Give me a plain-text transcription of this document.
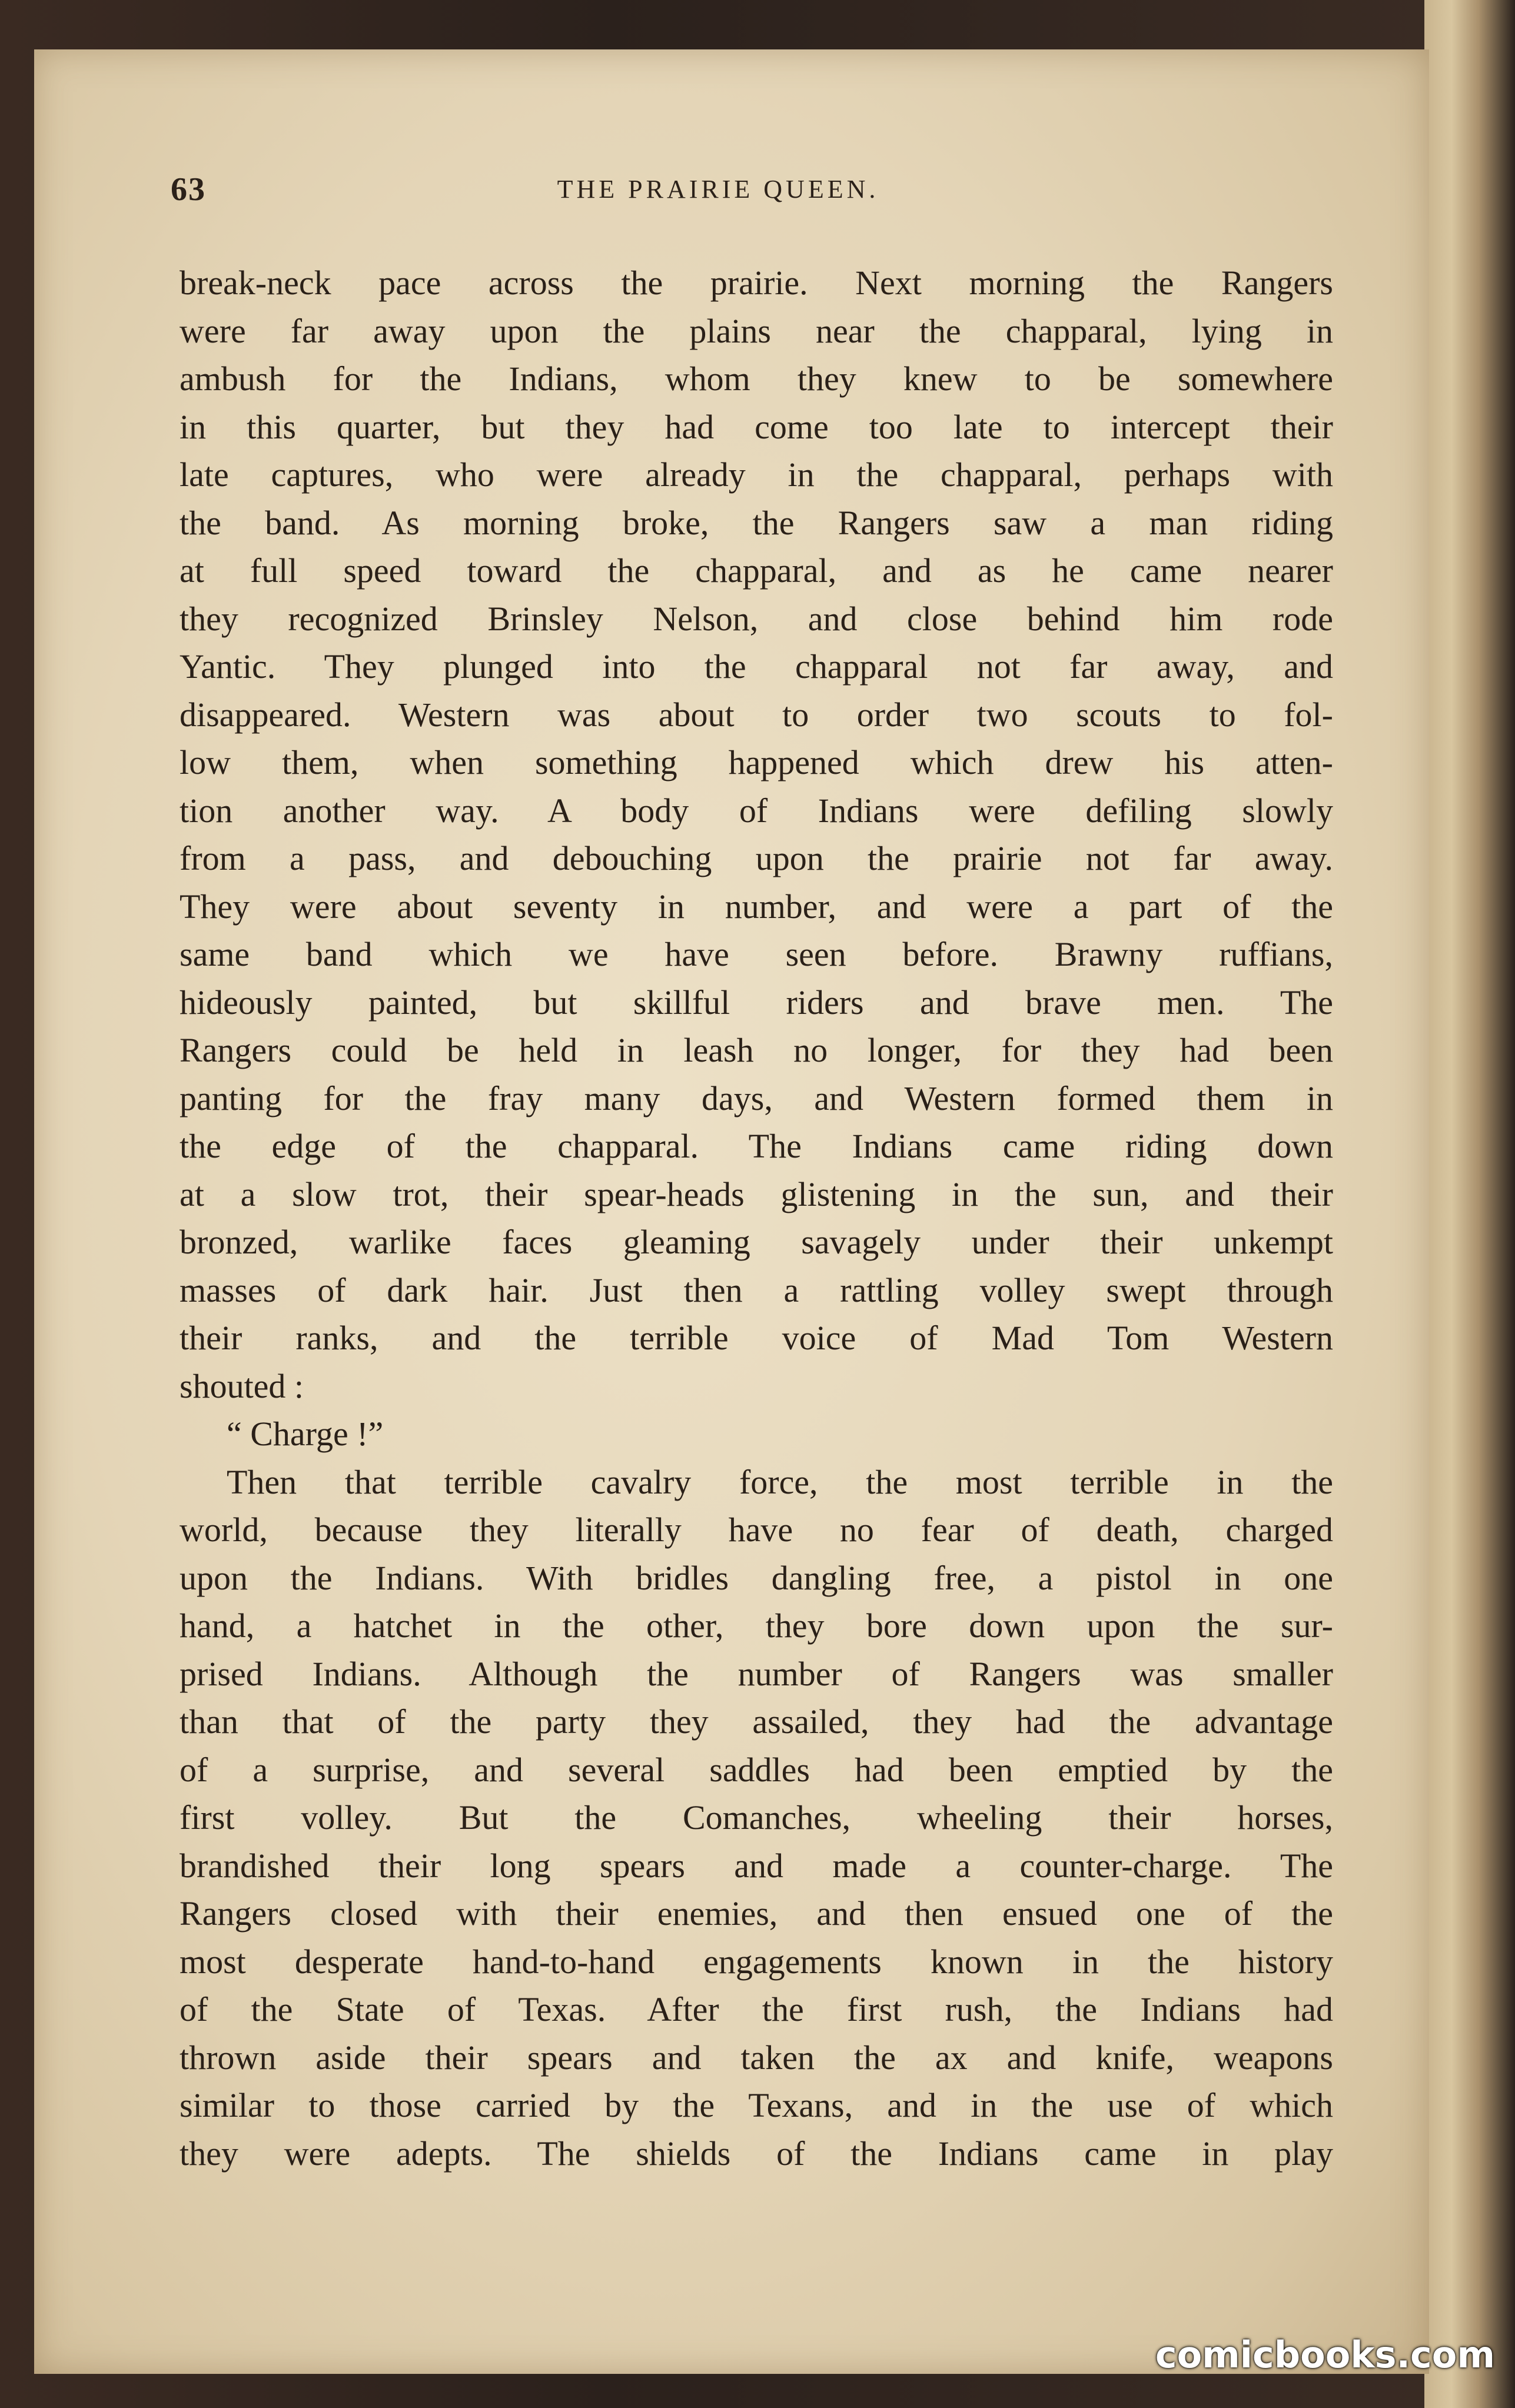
63	THE PRAIRIE QUEEN.
break-neck pace across the prairie. Next morning the Rangers
were far away upon the plains near the chapparal, lying in
ambush for the Indians, whom they knew to be somewhere
in this quarter, but they had come too late to intercept their
late captures, who were already in the chapparal, perhaps with
the band. As morning broke, the Rangers saw a man riding
at full speed toward the chapparal, and as he came nearer
they recognized Brinsley Nelson, and close behind him rode
Yantic. They plunged into the chapparal not far away, and
disappeared. Western was about to order two scouts to fol-
low them, when something happened which drew his atten-
tion another way. A body of Indians were defiling slowly
from a pass, and debouching upon the prairie not far away.
They were about seventy in number, and were a part of the
same band which we have seen before. Brawny ruffians,
hideously painted, but skillful riders and brave men. The
Rangers could be held in leash no longer, for they had been
panting for the fray many days, and Western formed them in
the edge of the chapparal. The Indians came riding down
at a slow trot, their spear-heads glistening in the sun, and their
bronzed, warlike faces gleaming savagely under their unkempt
masses of dark hair. Just then a rattling volley swept through
their ranks, and the terrible voice of Mad Tom Western
shouted :
“ Charge !”
Then that terrible cavalry force, the most terrible in the
world, because they literally have no fear of death, charged
upon the Indians. With bridles dangling free, a pistol in one
hand, a hatchet in the other, they bore down upon the sur-
prised Indians. Although the number of Rangers was smaller
than that of the party they assailed, they had the advantage
of a surprise, and several saddles had been emptied by the
first volley. But the Comanches, wheeling their horses,
brandished their long spears and made a counter-charge. The
Rangers closed with their enemies, and then ensued one of the
most desperate hand-to-hand engagements known in the history
of the State of Texas. After the first rush, the Indians had
thrown aside their spears and taken the ax and knife, weapons
similar to those carried by the Texans, and in the use of which
they were adepts. The shields of the Indians came in play
comicbooks.com
